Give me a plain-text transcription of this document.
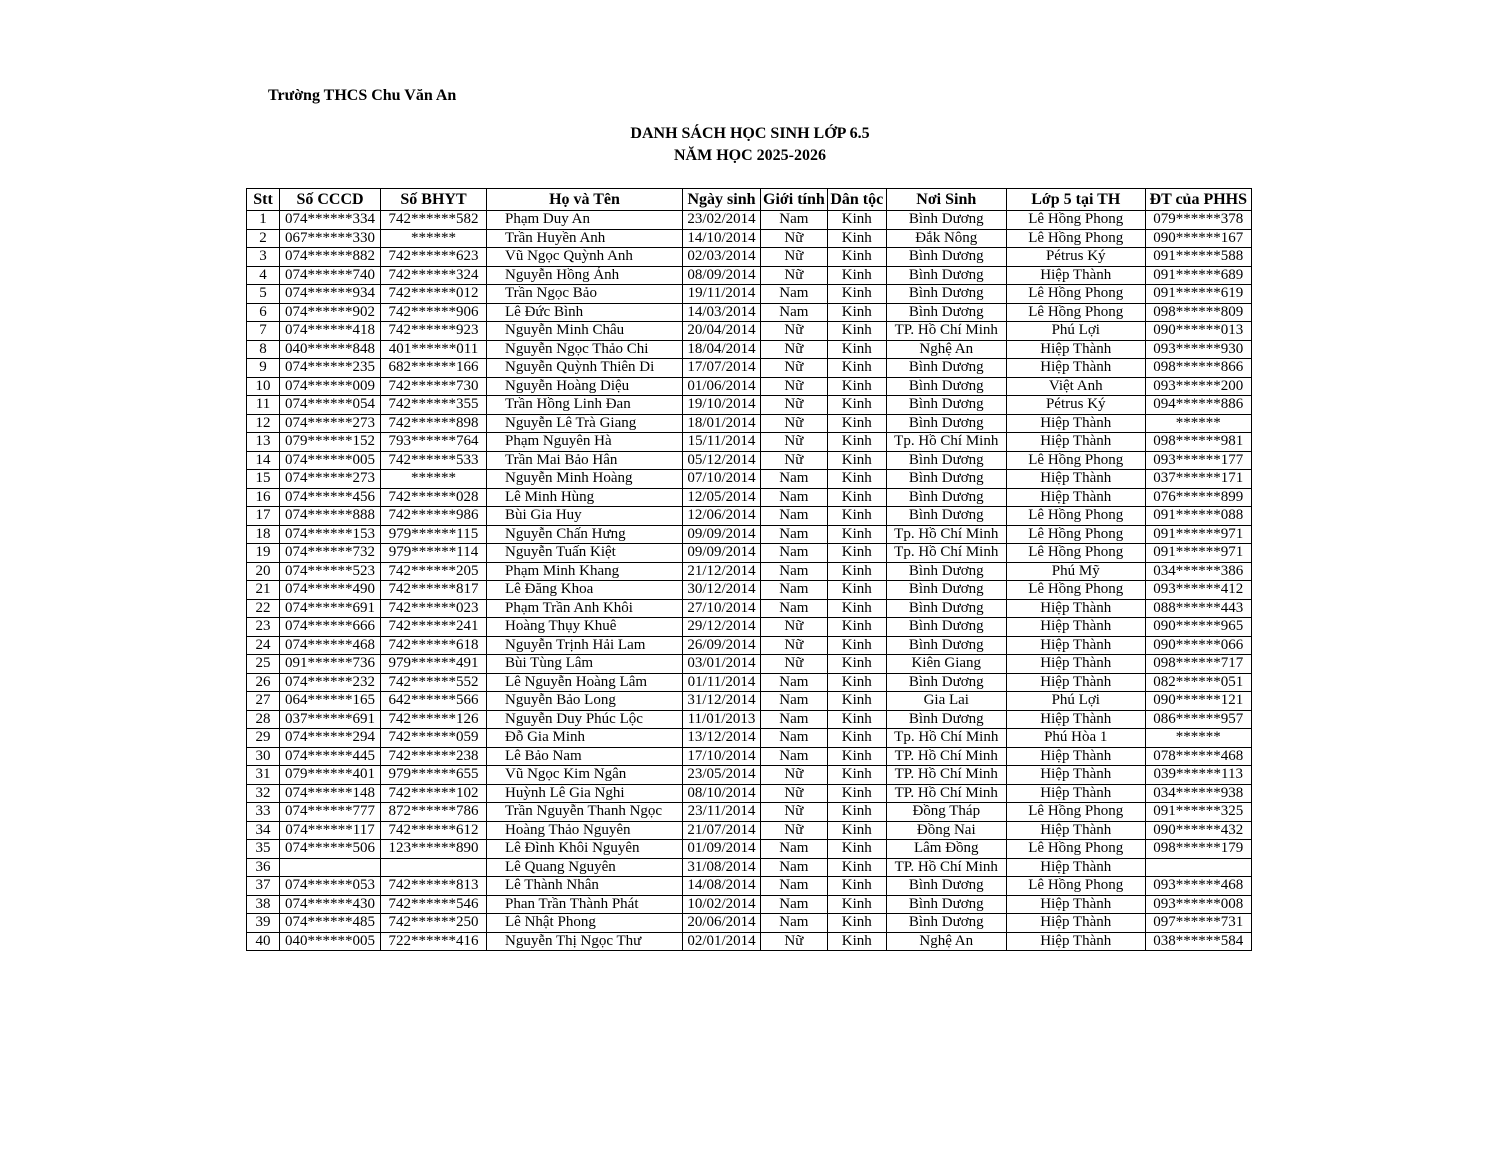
Trường THCS Chu Văn An
DANH SÁCH HỌC SINH LỚP 6.5
NĂM HỌC 2025-2026
Stt	Số CCCD	Số BHYT	Họ và Tên	Ngày sinh	Giới tính	Dân tộc	Nơi Sinh	Lớp 5 tại TH	ĐT của PHHS
1	074******334	742******582	Phạm Duy An	23/02/2014	Nam	Kinh	Bình Dương	Lê Hồng Phong	079******378
2	067******330	******	Trần Huyền Anh	14/10/2014	Nữ	Kinh	Đắk Nông	Lê Hồng Phong	090******167
3	074******882	742******623	Vũ Ngọc Quỳnh Anh	02/03/2014	Nữ	Kinh	Bình Dương	Pétrus Ký	091******588
4	074******740	742******324	Nguyễn Hồng Ánh	08/09/2014	Nữ	Kinh	Bình Dương	Hiệp Thành	091******689
5	074******934	742******012	Trần Ngọc Bảo	19/11/2014	Nam	Kinh	Bình Dương	Lê Hồng Phong	091******619
6	074******902	742******906	Lê Đức Bình	14/03/2014	Nam	Kinh	Bình Dương	Lê Hồng Phong	098******809
7	074******418	742******923	Nguyễn Minh Châu	20/04/2014	Nữ	Kinh	TP. Hồ Chí Minh	Phú Lợi	090******013
8	040******848	401******011	Nguyễn Ngọc Thảo Chi	18/04/2014	Nữ	Kinh	Nghệ An	Hiệp Thành	093******930
9	074******235	682******166	Nguyễn Quỳnh Thiên Di	17/07/2014	Nữ	Kinh	Bình Dương	Hiệp Thành	098******866
10	074******009	742******730	Nguyễn Hoàng Diệu	01/06/2014	Nữ	Kinh	Bình Dương	Việt Anh	093******200
11	074******054	742******355	Trần Hồng Linh Đan	19/10/2014	Nữ	Kinh	Bình Dương	Pétrus Ký	094******886
12	074******273	742******898	Nguyễn Lê Trà Giang	18/01/2014	Nữ	Kinh	Bình Dương	Hiệp Thành	******
13	079******152	793******764	Phạm Nguyên Hà	15/11/2014	Nữ	Kinh	Tp. Hồ Chí Minh	Hiệp Thành	098******981
14	074******005	742******533	Trần Mai Bảo Hân	05/12/2014	Nữ	Kinh	Bình Dương	Lê Hồng Phong	093******177
15	074******273	******	Nguyễn Minh Hoàng	07/10/2014	Nam	Kinh	Bình Dương	Hiệp Thành	037******171
16	074******456	742******028	Lê Minh Hùng	12/05/2014	Nam	Kinh	Bình Dương	Hiệp Thành	076******899
17	074******888	742******986	Bùi Gia Huy	12/06/2014	Nam	Kinh	Bình Dương	Lê Hồng Phong	091******088
18	074******153	979******115	Nguyễn Chấn Hưng	09/09/2014	Nam	Kinh	Tp. Hồ Chí Minh	Lê Hồng Phong	091******971
19	074******732	979******114	Nguyễn Tuấn Kiệt	09/09/2014	Nam	Kinh	Tp. Hồ Chí Minh	Lê Hồng Phong	091******971
20	074******523	742******205	Phạm Minh Khang	21/12/2014	Nam	Kinh	Bình Dương	Phú Mỹ	034******386
21	074******490	742******817	Lê Đăng Khoa	30/12/2014	Nam	Kinh	Bình Dương	Lê Hồng Phong	093******412
22	074******691	742******023	Phạm Trần Anh Khôi	27/10/2014	Nam	Kinh	Bình Dương	Hiệp Thành	088******443
23	074******666	742******241	Hoàng Thụy Khuê	29/12/2014	Nữ	Kinh	Bình Dương	Hiệp Thành	090******965
24	074******468	742******618	Nguyễn Trịnh Hải Lam	26/09/2014	Nữ	Kinh	Bình Dương	Hiệp Thành	090******066
25	091******736	979******491	Bùi Tùng Lâm	03/01/2014	Nữ	Kinh	Kiên Giang	Hiệp Thành	098******717
26	074******232	742******552	Lê Nguyễn Hoàng Lâm	01/11/2014	Nam	Kinh	Bình Dương	Hiệp Thành	082******051
27	064******165	642******566	Nguyễn Bảo Long	31/12/2014	Nam	Kinh	Gia Lai	Phú Lợi	090******121
28	037******691	742******126	Nguyễn Duy Phúc Lộc	11/01/2013	Nam	Kinh	Bình Dương	Hiệp Thành	086******957
29	074******294	742******059	Đỗ Gia Minh	13/12/2014	Nam	Kinh	Tp. Hồ Chí Minh	Phú Hòa 1	******
30	074******445	742******238	Lê Bảo Nam	17/10/2014	Nam	Kinh	TP. Hồ Chí Minh	Hiệp Thành	078******468
31	079******401	979******655	Vũ Ngọc Kim Ngân	23/05/2014	Nữ	Kinh	TP. Hồ Chí Minh	Hiệp Thành	039******113
32	074******148	742******102	Huỳnh Lê Gia Nghi	08/10/2014	Nữ	Kinh	TP. Hồ Chí Minh	Hiệp Thành	034******938
33	074******777	872******786	Trần Nguyễn Thanh Ngọc	23/11/2014	Nữ	Kinh	Đồng Tháp	Lê Hồng Phong	091******325
34	074******117	742******612	Hoàng Thảo Nguyên	21/07/2014	Nữ	Kinh	Đồng Nai	Hiệp Thành	090******432
35	074******506	123******890	Lê Đình Khôi Nguyên	01/09/2014	Nam	Kinh	Lâm Đồng	Lê Hồng Phong	098******179
36			Lê Quang Nguyên	31/08/2014	Nam	Kinh	TP. Hồ Chí Minh	Hiệp Thành	
37	074******053	742******813	Lê Thành Nhân	14/08/2014	Nam	Kinh	Bình Dương	Lê Hồng Phong	093******468
38	074******430	742******546	Phan Trần Thành Phát	10/02/2014	Nam	Kinh	Bình Dương	Hiệp Thành	093******008
39	074******485	742******250	Lê Nhật Phong	20/06/2014	Nam	Kinh	Bình Dương	Hiệp Thành	097******731
40	040******005	722******416	Nguyễn Thị Ngọc Thư	02/01/2014	Nữ	Kinh	Nghệ An	Hiệp Thành	038******584
